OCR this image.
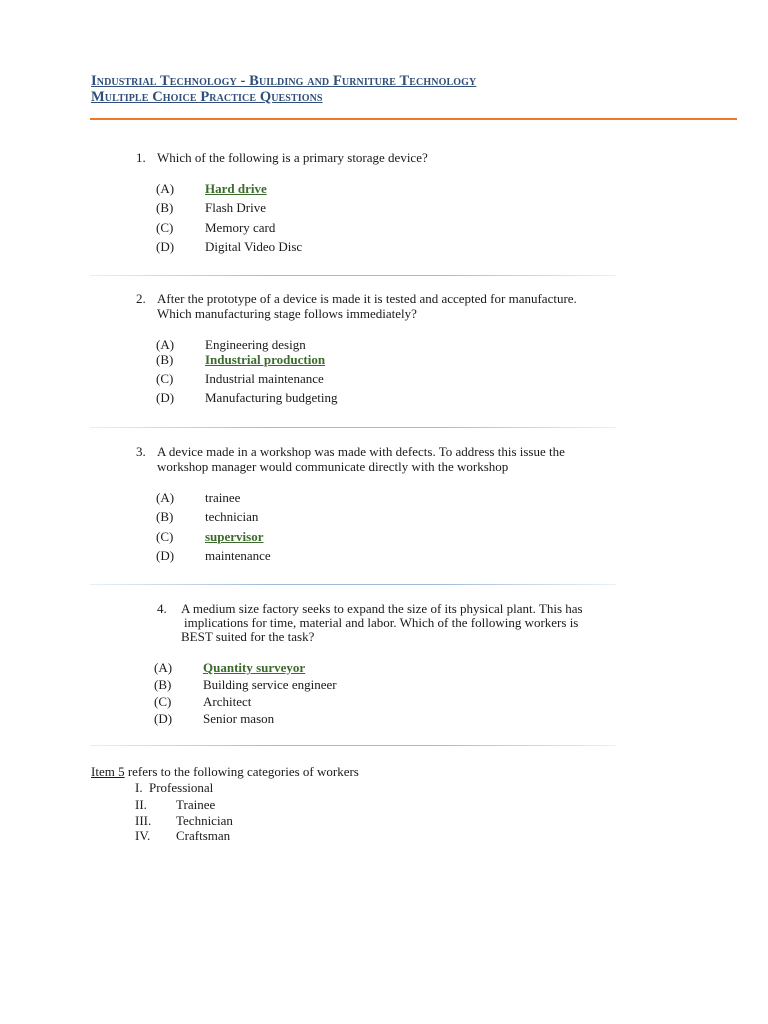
Industrial Technology - Building and Furniture Technology
Multiple Choice Practice Questions
1. Which of the following is a primary storage device?
(A) Hard drive
(B) Flash Drive
(C) Memory card
(D) Digital Video Disc
2. After the prototype of a device is made it is tested and accepted for manufacture.
Which manufacturing stage follows immediately?
(A) Engineering design
(B) Industrial production
(C) Industrial maintenance
(D) Manufacturing budgeting
3. A device made in a workshop was made with defects. To address this issue the
workshop manager would communicate directly with the workshop
(A) trainee
(B) technician
(C) supervisor
(D) maintenance
4. A medium size factory seeks to expand the size of its physical plant. This has
implications for time, material and labor. Which of the following workers is
BEST suited for the task?
(A) Quantity surveyor
(B) Building service engineer
(C) Architect
(D) Senior mason
Item 5 refers to the following categories of workers
I. Professional
II. Trainee
III. Technician
IV. Craftsman
